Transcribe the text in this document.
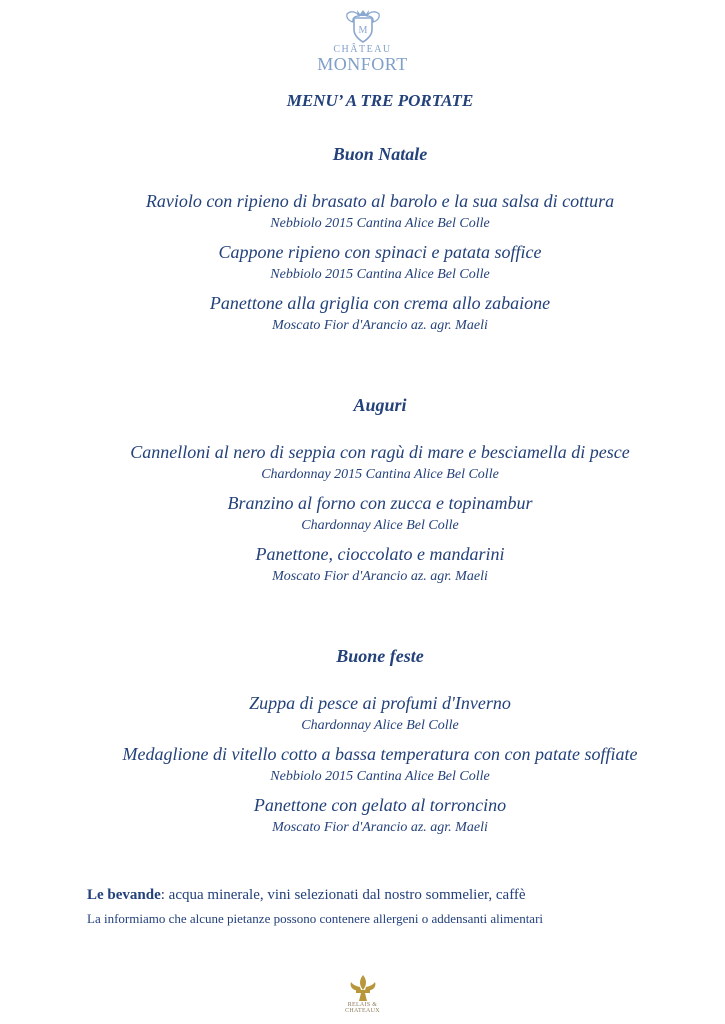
M
CHÂTEAU
MONFORT
MENU’ A TRE PORTATE
Buon Natale
Raviolo con ripieno di brasato al barolo e la sua salsa di cottura
Nebbiolo 2015 Cantina Alice Bel Colle
Cappone ripieno con spinaci e patata soffice
Nebbiolo 2015 Cantina Alice Bel Colle
Panettone alla griglia con crema allo zabaione
Moscato Fior d'Arancio az. agr. Maeli
Auguri
Cannelloni al nero di seppia con ragù di mare e besciamella di pesce
Chardonnay 2015 Cantina Alice Bel Colle
Branzino al forno con zucca e topinambur
Chardonnay Alice Bel Colle
Panettone, cioccolato e mandarini
Moscato Fior d'Arancio az. agr. Maeli
Buone feste
Zuppa di pesce ai profumi d'Inverno
Chardonnay Alice Bel Colle
Medaglione di vitello cotto a bassa temperatura con con patate soffiate
Nebbiolo 2015 Cantina Alice Bel Colle
Panettone con gelato al torroncino
Moscato Fior d'Arancio az. agr. Maeli
Le bevande: acqua minerale, vini selezionati dal nostro sommelier, caffè
La informiamo che alcune pietanze possono contenere allergeni o addensanti alimentari
RELAIS &
CHATEAUX
